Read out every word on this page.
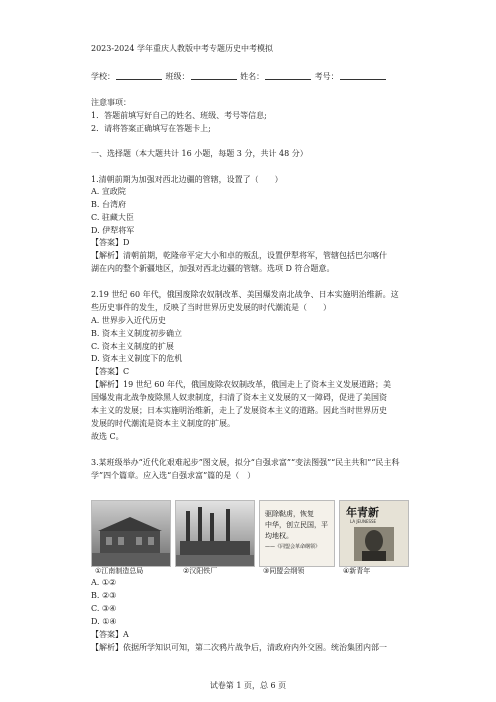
2023-2024 学年重庆人教版中考专题历史中考模拟
学校：	班级：	姓名：	考号：
注意事项：
1．答题前填写好自己的姓名、班级、考号等信息;
2．请将答案正确填写在答题卡上;
一、选择题（本大题共计 16 小题，每题 3 分，共计 48 分）
1.清朝前期为加强对西北边疆的管辖，设置了（　　）
A. 宣政院
B. 台湾府
C. 驻藏大臣
D. 伊犁将军
【答案】D
【解析】清朝前期，乾隆帝平定大小和卓的叛乱，设置伊犁将军，管辖包括巴尔喀什
湖在内的整个新疆地区，加强对西北边疆的管辖。选项 D 符合题意。
2.19 世纪 60 年代，俄国废除农奴制改革、美国爆发南北战争、日本实施明治维新。这
些历史事件的发生，反映了当时世界历史发展的时代潮流是（　　）
A. 世界步入近代历史
B. 资本主义制度初步确立
C. 资本主义制度的扩展
D. 资本主义制度下的危机
【答案】C
【解析】19 世纪 60 年代，俄国废除农奴制改革，俄国走上了资本主义发展道路；美
国爆发南北战争废除黑人奴隶制度，扫清了资本主义发展的又一障碍，促进了美国资
本主义的发展；日本实施明治维新，走上了发展资本主义的道路。因此当时世界历史
发展的时代潮流是资本主义制度的扩展。
故选 C。
3.某班级举办“近代化艰难起步”图文展，拟分“自强求富”“变法图强”“民主共和”“民主科
学”四个篇章。应入选“自强求富”篇的是（　）
①江南制造总局	②汉阳铁厂
驱除鞑虏，恢复
中华，创立民国，平
均地权。
——《同盟会革命纲领》
③同盟会纲领
年青新
LA JEUNESSE
④新青年
A. ①②
B. ②③
C. ③④
D. ①④
【答案】A
【解析】依据所学知识可知，第二次鸦片战争后，清政府内外交困。统治集团内部一
试卷第 1 页，总 6 页
